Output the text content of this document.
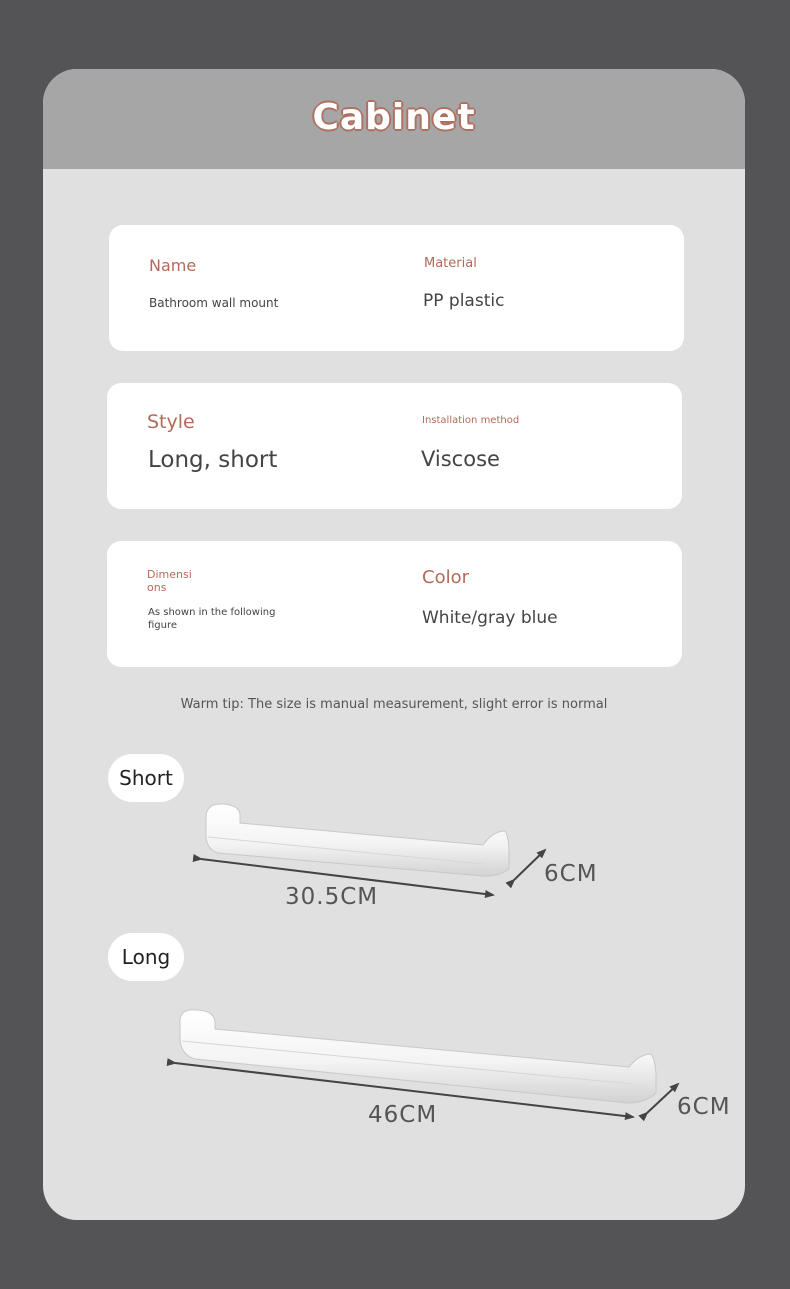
Cabinet
Name
Bathroom wall mount
Material
PP plastic
Style
Long, short
Installation method
Viscose
Dimensi
ons
As shown in the following
figure
Color
White/gray blue
Warm tip: The size is manual measurement, slight error is normal
Short
30.5CM
6CM
Long
46CM	6CM
